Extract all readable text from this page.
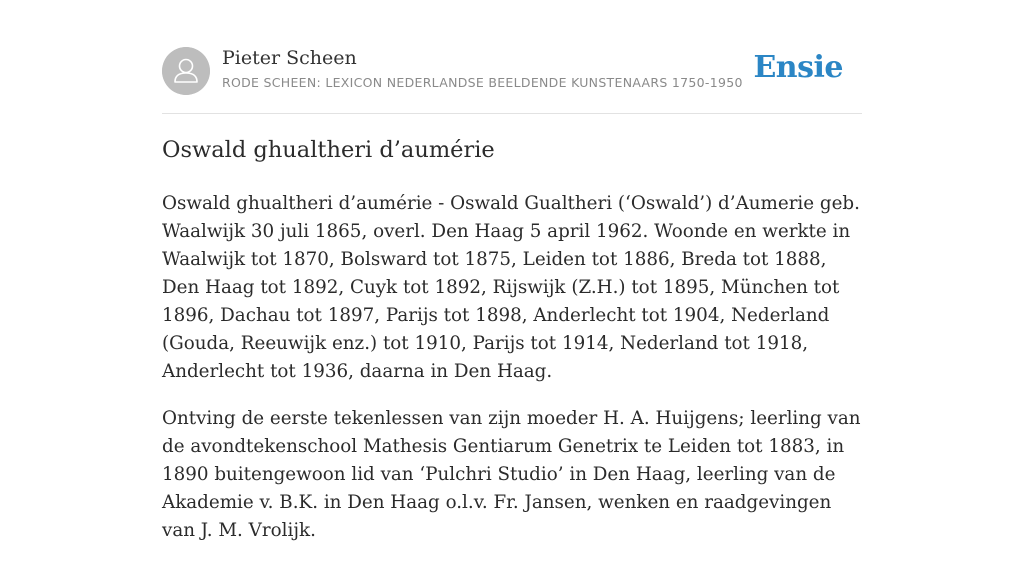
Pieter Scheen
RODE SCHEEN: LEXICON NEDERLANDSE BEELDENDE KUNSTENAARS 1750-1950 Ensie
Oswald ghualtheri d’aumérie

Oswald ghualtheri d’aumérie - Oswald Gualtheri (‘Oswald’) d’Aumerie geb. Waalwijk 30 juli 1865, overl. Den Haag 5 april 1962. Woonde en werkte in Waalwijk tot 1870, Bolsward tot 1875, Leiden tot 1886, Breda tot 1888, Den Haag tot 1892, Cuyk tot 1892, Rijswijk (Z.H.) tot 1895, München tot 1896, Dachau tot 1897, Parijs tot 1898, Anderlecht tot 1904, Nederland (Gouda, Reeuwijk enz.) tot 1910, Parijs tot 1914, Nederland tot 1918, Anderlecht tot 1936, daarna in Den Haag.

Ontving de eerste tekenlessen van zijn moeder H. A. Huijgens; leerling van de avondtekenschool Mathesis Gentiarum Genetrix te Leiden tot 1883, in 1890 buitengewoon lid van ‘Pulchri Studio’ in Den Haag, leerling van de Akademie v. B.K. in Den Haag o.l.v. Fr. Jansen, wenken en raadgevingen van J. M. Vrolijk.
